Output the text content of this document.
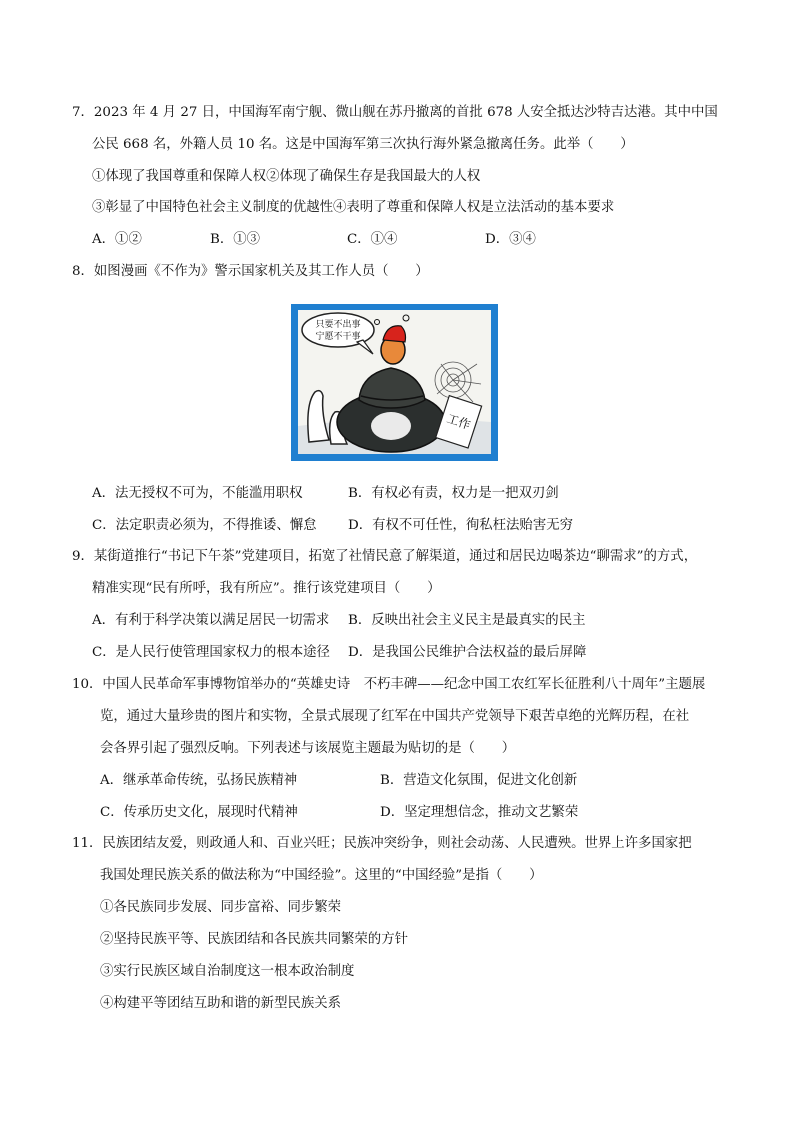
7．2023 年 4 月 27 日，中国海军南宁舰、微山舰在苏丹撤离的首批 678 人安全抵达沙特吉达港。其中中国
公民 668 名，外籍人员 10 名。这是中国海军第三次执行海外紧急撤离任务。此举（　　）
①体现了我国尊重和保障人权②体现了确保生存是我国最大的人权
③彰显了中国特色社会主义制度的优越性④表明了尊重和保障人权是立法活动的基本要求
A．①②	B．①③	C．①④	D．③④
8．如图漫画《不作为》警示国家机关及其工作人员（　　）
只要不出事
宁愿不干事
工作
A．法无授权不可为，不能滥用职权	B．有权必有责，权力是一把双刃剑
C．法定职责必须为，不得推诿、懈怠 D．有权不可任性，徇私枉法贻害无穷
9．某街道推行“书记下午茶”党建项目，拓宽了社情民意了解渠道，通过和居民边喝茶边“聊需求”的方式，
精准实现“民有所呼，我有所应”。推行该党建项目（　　）
A．有利于科学决策以满足居民一切需求 B．反映出社会主义民主是最真实的民主
C．是人民行使管理国家权力的根本途径 D．是我国公民维护合法权益的最后屏障
10．中国人民革命军事博物馆举办的“英雄史诗　不朽丰碑——纪念中国工农红军长征胜利八十周年”主题展
览，通过大量珍贵的图片和实物，全景式展现了红军在中国共产党领导下艰苦卓绝的光辉历程，在社
会各界引起了强烈反响。下列表述与该展览主题最为贴切的是（　　）
A．继承革命传统，弘扬民族精神	B．营造文化氛围，促进文化创新
C．传承历史文化，展现时代精神	D．坚定理想信念，推动文艺繁荣
11．民族团结友爱，则政通人和、百业兴旺；民族冲突纷争，则社会动荡、人民遭殃。世界上许多国家把
我国处理民族关系的做法称为“中国经验”。这里的“中国经验”是指（　　）
①各民族同步发展、同步富裕、同步繁荣
②坚持民族平等、民族团结和各民族共同繁荣的方针
③实行民族区域自治制度这一根本政治制度
④构建平等团结互助和谐的新型民族关系
